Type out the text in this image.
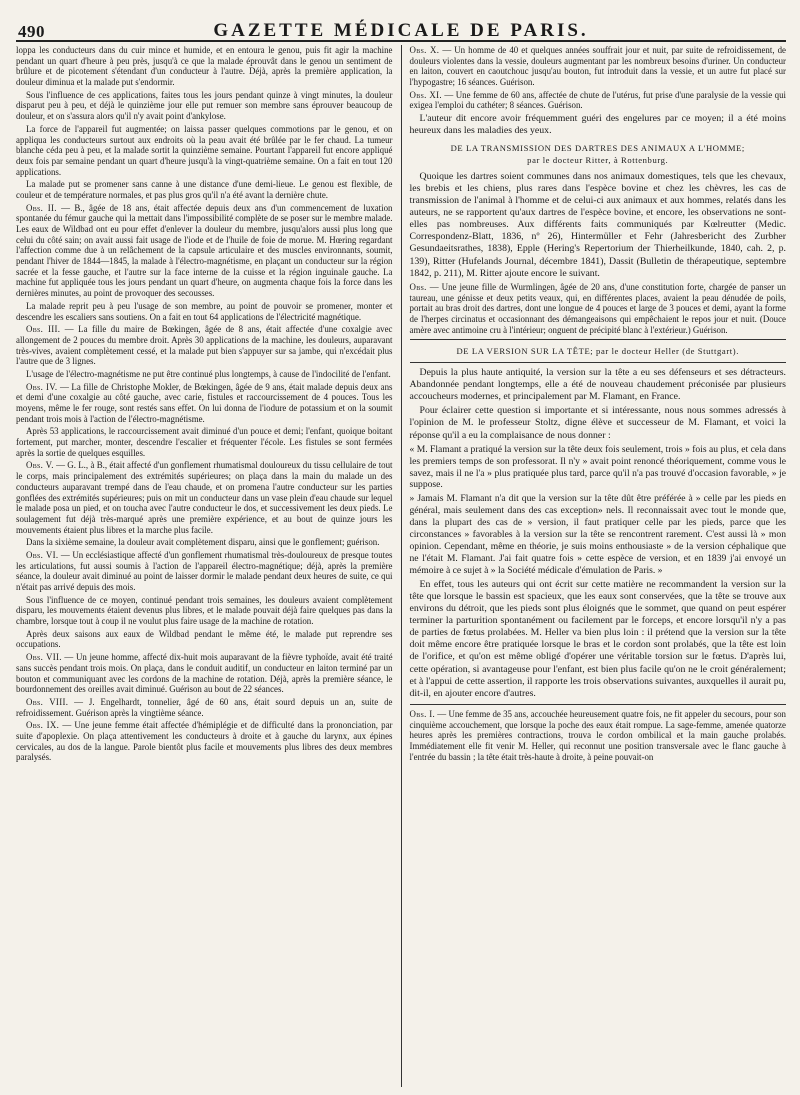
490	GAZETTE MÉDICALE DE PARIS.

loppa les conducteurs dans du cuir mince et humide, et en entoura le genou, puis fit agir la machine pendant un quart d'heure à peu près, jusqu'à ce que la malade éprouvât dans le genou un sentiment de brûlure et de picotement s'étendant d'un conducteur à l'autre. Déjà, après la première application, la douleur diminua et la malade put s'endormir.

Sous l'influence de ces applications, faites tous les jours pendant quinze à vingt minutes, la douleur disparut peu à peu, et déjà le quinzième jour elle put remuer son membre sans éprouver beaucoup de douleur, et on s'assura alors qu'il n'y avait point d'ankylose.

La force de l'appareil fut augmentée; on laissa passer quelques commotions par le genou, et on appliqua les conducteurs surtout aux endroits où la peau avait été brûlée par le fer chaud. La tumeur blanche céda peu à peu, et la malade sortit la quinzième semaine. Pourtant l'appareil fut encore appliqué deux fois par semaine pendant un quart d'heure jusqu'à la vingt-quatrième semaine. On a fait en tout 120 applications.

La malade put se promener sans canne à une distance d'une demi-lieue. Le genou est flexible, de couleur et de température normales, et pas plus gros qu'il n'a été avant la dernière chute.

Obs. II. — B., âgée de 18 ans, était affectée depuis deux ans d'un commencement de luxation spontanée du fémur gauche qui la mettait dans l'impossibilité complète de se poser sur le membre malade. Les eaux de Wildbad ont eu pour effet d'enlever la douleur du membre, jusqu'alors aussi plus long que celui du côté sain; on avait aussi fait usage de l'iode et de l'huile de foie de morue. M. Hœring regardant l'affection comme due à un relâchement de la capsule articulaire et des muscles environnants, soumit, pendant l'hiver de 1844—1845, la malade à l'électro-magnétisme, en plaçant un conducteur sur la région sacrée et la fesse gauche, et l'autre sur la face interne de la cuisse et la région inguinale gauche. La machine fut appliquée tous les jours pendant un quart d'heure, on augmenta chaque fois la force dans les dernières minutes, au point de provoquer des secousses.

La malade reprit peu à peu l'usage de son membre, au point de pouvoir se promener, monter et descendre les escaliers sans soutiens. On a fait en tout 64 applications de l'électricité magnétique.

Obs. III. — La fille du maire de Bœkingen, âgée de 8 ans, était affectée d'une coxalgie avec allongement de 2 pouces du membre droit. Après 30 applications de la machine, les douleurs, auparavant très-vives, avaient complètement cessé, et la malade put bien s'appuyer sur sa jambe, qui n'excédait plus l'autre que de 3 lignes.

L'usage de l'électro-magnétisme ne put être continué plus longtemps, à cause de l'indocilité de l'enfant.

Obs. IV. — La fille de Christophe Mokler, de Bœkingen, âgée de 9 ans, était malade depuis deux ans et demi d'une coxalgie au côté gauche, avec carie, fistules et raccourcissement de 4 pouces. Tous les moyens, même le fer rouge, sont restés sans effet. On lui donna de l'iodure de potassium et on la soumit pendant trois mois à l'action de l'électro-magnétisme.

Après 53 applications, le raccourcissement avait diminué d'un pouce et demi; l'enfant, quoique boitant fortement, put marcher, monter, descendre l'escalier et fréquenter l'école. Les fistules se sont fermées après la sortie de quelques esquilles.

Obs. V. — G. L., à B., était affecté d'un gonflement rhumatismal douloureux du tissu cellulaire de tout le corps, mais principalement des extrémités supérieures; on plaça dans la main du malade un des conducteurs auparavant trempé dans de l'eau chaude, et on promena l'autre conducteur sur les parties gonflées des extrémités supérieures; puis on mit un conducteur dans un vase plein d'eau chaude sur lequel le malade posa un pied, et on toucha avec l'autre conducteur le dos, et successivement les deux pieds. Le soulagement fut déjà très-marqué après une première expérience, et au bout de quinze jours les mouvements étaient plus libres et la marche plus facile.

Dans la sixième semaine, la douleur avait complètement disparu, ainsi que le gonflement; guérison.

Obs. VI. — Un ecclésiastique affecté d'un gonflement rhumatismal très-douloureux de presque toutes les articulations, fut aussi soumis à l'action de l'appareil électro-magnétique; déjà, après la première séance, la douleur avait diminué au point de laisser dormir le malade pendant deux heures de suite, ce qui n'était pas arrivé depuis des mois.

Sous l'influence de ce moyen, continué pendant trois semaines, les douleurs avaient complètement disparu, les mouvements étaient devenus plus libres, et le malade pouvait déjà faire quelques pas dans la chambre, lorsque tout à coup il ne voulut plus faire usage de la machine de rotation.

Après deux saisons aux eaux de Wildbad pendant le même été, le malade put reprendre ses occupations.

Obs. VII. — Un jeune homme, affecté dix-huit mois auparavant de la fièvre typhoïde, avait été traité sans succès pendant trois mois. On plaça, dans le conduit auditif, un conducteur en laiton terminé par un bouton et communiquant avec les cordons de la machine de rotation. Déjà, après la première séance, le bourdonnement des oreilles avait diminué. Guérison au bout de 22 séances.

Obs. VIII. — J. Engelhardt, tonnelier, âgé de 60 ans, était sourd depuis un an, suite de refroidissement. Guérison après la vingtième séance.

Obs. IX. — Une jeune femme était affectée d'hémiplégie et de difficulté dans la prononciation, par suite d'apoplexie. On plaça attentivement les conducteurs à droite et à gauche du larynx, aux épines cervicales, au dos de la langue. Parole bientôt plus facile et mouvements plus libres des deux membres paralysés.

Obs. X. — Un homme de 40 et quelques années souffrait jour et nuit, par suite de refroidissement, de douleurs violentes dans la vessie, douleurs augmentant par les nombreux besoins d'uriner. Un conducteur en laiton, couvert en caoutchouc jusqu'au bouton, fut introduit dans la vessie, et un autre fut placé sur l'hypogastre; 16 séances. Guérison.

Obs. XI. — Une femme de 60 ans, affectée de chute de l'utérus, fut prise d'une paralysie de la vessie qui exigea l'emploi du cathéter; 8 séances. Guérison.

L'auteur dit encore avoir fréquemment guéri des engelures par ce moyen; il a été moins heureux dans les maladies des yeux.

DE LA TRANSMISSION DES DARTRES DES ANIMAUX A L'HOMME;
par le docteur Ritter, à Rottenburg.

Quoique les dartres soient communes dans nos animaux domestiques, tels que les chevaux, les brebis et les chiens, plus rares dans l'espèce bovine et chez les chèvres, les cas de transmission de l'animal à l'homme et de celui-ci aux animaux et aux hommes, relatés dans les auteurs, ne se rapportent qu'aux dartres de l'espèce bovine, et encore, les observations ne sont-elles pas nombreuses. Aux différents faits communiqués par Kœlreutter (Medic. Correspondenz-Blatt, 1836, nº 26), Hintermüller et Fehr (Jahresbericht des Zurbher Gesundaeitsrathes, 1838), Epple (Hering's Repertorium der Thierheilkunde, 1840, cah. 2, p. 139), Ritter (Hufelands Journal, décembre 1841), Dassit (Bulletin de thérapeutique, septembre 1842, p. 211), M. Ritter ajoute encore le suivant.

Obs. — Une jeune fille de Wurmlingen, âgée de 20 ans, d'une constitution forte, chargée de panser un taureau, une génisse et deux petits veaux, qui, en différentes places, avaient la peau dénudée de poils, portait au bras droit des dartres, dont une longue de 4 pouces et large de 3 pouces et demi, ayant la forme de l'herpes circinatus et occasionnant des démangeaisons qui empêchaient le repos jour et nuit. (Douce amère avec antimoine cru à l'intérieur; onguent de précipité blanc à l'extérieur.) Guérison.

DE LA VERSION SUR LA TÊTE; par le docteur Heller (de Stuttgart).

Depuis la plus haute antiquité, la version sur la tête a eu ses défenseurs et ses détracteurs. Abandonnée pendant longtemps, elle a été de nouveau chaudement préconisée par plusieurs accoucheurs modernes, et principalement par M. Flamant, en France.

Pour éclairer cette question si importante et si intéressante, nous nous sommes adressés à l'opinion de M. le professeur Stoltz, digne élève et successeur de M. Flamant, et voici la réponse qu'il a eu la complaisance de nous donner :

« M. Flamant a pratiqué la version sur la tête deux fois seulement, trois » fois au plus, et cela dans les premiers temps de son professorat. Il n'y » avait point renoncé théoriquement, comme vous le savez, mais il ne l'a » plus pratiquée plus tard, parce qu'il n'a pas trouvé d'occasion favorable, » je suppose.

» Jamais M. Flamant n'a dit que la version sur la tête dût être préférée à » celle par les pieds en général, mais seulement dans des cas exception» nels. Il reconnaissait avec tout le monde que, dans la plupart des cas de » version, il faut pratiquer celle par les pieds, parce que les circonstances » favorables à la version sur la tête se rencontrent rarement. C'est aussi là » mon opinion. Cependant, même en théorie, je suis moins enthousiaste » de la version céphalique que ne l'était M. Flamant. J'ai fait quatre fois » cette espèce de version, et en 1839 j'ai envoyé un mémoire à ce sujet à » la Société médicale d'émulation de Paris. »

En effet, tous les auteurs qui ont écrit sur cette matière ne recommandent la version sur la tête que lorsque le bassin est spacieux, que les eaux sont conservées, que la tête se trouve aux environs du détroit, que les pieds sont plus éloignés que le sommet, que quand on peut espérer terminer la parturition spontanément ou facilement par le forceps, et encore lorsqu'il n'y a pas de parties de fœtus prolabées. M. Heller va bien plus loin : il prétend que la version sur la tête doit même encore être pratiquée lorsque le bras et le cordon sont prolabés, que la tête est loin de l'orifice, et qu'on est même obligé d'opérer une véritable torsion sur le fœtus. D'après lui, cette opération, si avantageuse pour l'enfant, est bien plus facile qu'on ne le croit généralement; et à l'appui de cette assertion, il rapporte les trois observations suivantes, auxquelles il aurait pu, dit-il, en ajouter encore d'autres.

Obs. I. — Une femme de 35 ans, accouchée heureusement quatre fois, ne fit appeler du secours, pour son cinquième accouchement, que lorsque la poche des eaux était rompue. La sage-femme, amenée quatorze heures après les premières contractions, trouva le cordon ombilical et la main gauche prolabés. Immédiatement elle fit venir M. Heller, qui reconnut une position transversale avec le flanc gauche à l'entrée du bassin ; la tête était très-haute à droite, à peine pouvait-on
